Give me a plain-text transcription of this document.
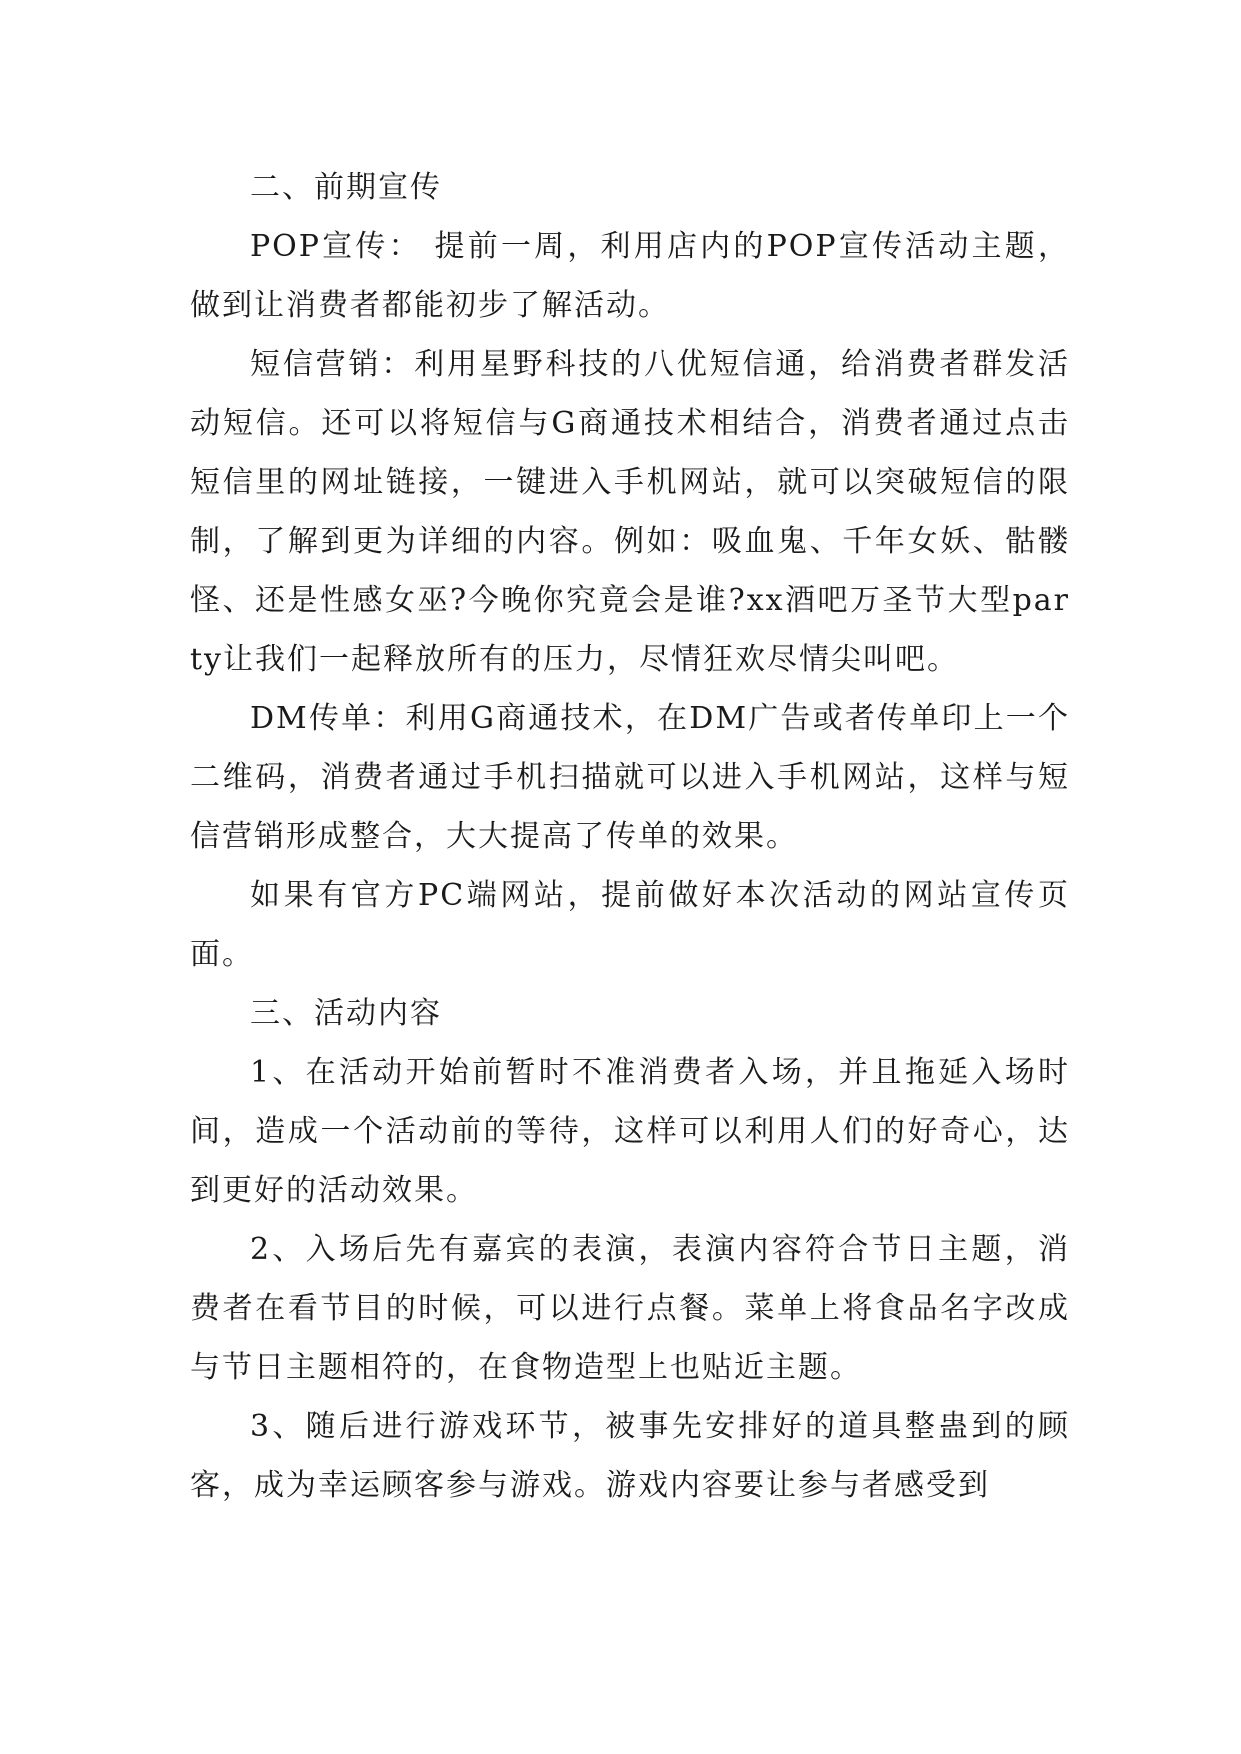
二、前期宣传

POP宣传： 提前一周，利用店内的POP宣传活动主题，做到让消费者都能初步了解活动。

短信营销：利用星野科技的八优短信通，给消费者群发活动短信。还可以将短信与G商通技术相结合，消费者通过点击短信里的网址链接，一键进入手机网站，就可以突破短信的限制，了解到更为详细的内容。例如：吸血鬼、千年女妖、骷髅怪、还是性感女巫?今晚你究竟会是谁?xx酒吧万圣节大型party让我们一起释放所有的压力，尽情狂欢尽情尖叫吧。

DM传单：利用G商通技术，在DM广告或者传单印上一个二维码，消费者通过手机扫描就可以进入手机网站，这样与短信营销形成整合，大大提高了传单的效果。

如果有官方PC端网站，提前做好本次活动的网站宣传页面。

三、活动内容

1、在活动开始前暂时不准消费者入场，并且拖延入场时间，造成一个活动前的等待，这样可以利用人们的好奇心，达到更好的活动效果。

2、入场后先有嘉宾的表演，表演内容符合节日主题，消费者在看节目的时候，可以进行点餐。菜单上将食品名字改成与节日主题相符的，在食物造型上也贴近主题。

3、随后进行游戏环节，被事先安排好的道具整蛊到的顾客，成为幸运顾客参与游戏。游戏内容要让参与者感受到
